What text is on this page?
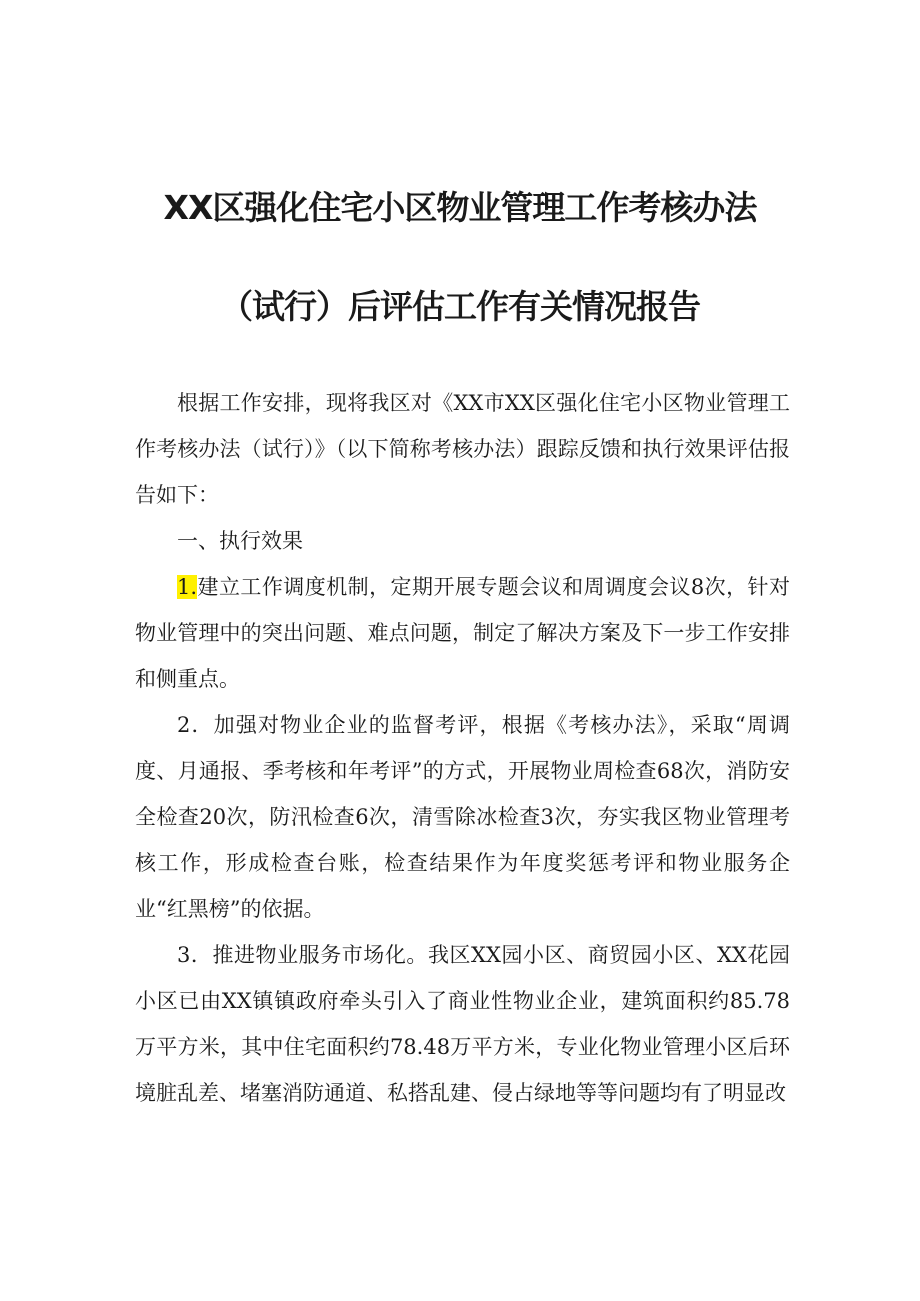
XX区强化住宅小区物业管理工作考核办法
（试行）后评估工作有关情况报告

根据工作安排，现将我区对《XX市XX区强化住宅小区物业管理工作考核办法（试行）》（以下简称考核办法）跟踪反馈和执行效果评估报告如下：

一、执行效果

1.建立工作调度机制，定期开展专题会议和周调度会议8次，针对物业管理中的突出问题、难点问题，制定了解决方案及下一步工作安排和侧重点。

2．加强对物业企业的监督考评，根据《考核办法》，采取“周调度、月通报、季考核和年考评”的方式，开展物业周检查68次，消防安全检查20次，防汛检查6次，清雪除冰检查3次，夯实我区物业管理考核工作，形成检查台账，检查结果作为年度奖惩考评和物业服务企业“红黑榜”的依据。

3．推进物业服务市场化。我区XX园小区、商贸园小区、XX花园小区已由XX镇镇政府牵头引入了商业性物业企业，建筑面积约85.78万平方米，其中住宅面积约78.48万平方米，专业化物业管理小区后环境脏乱差、堵塞消防通道、私搭乱建、侵占绿地等等问题均有了明显改
